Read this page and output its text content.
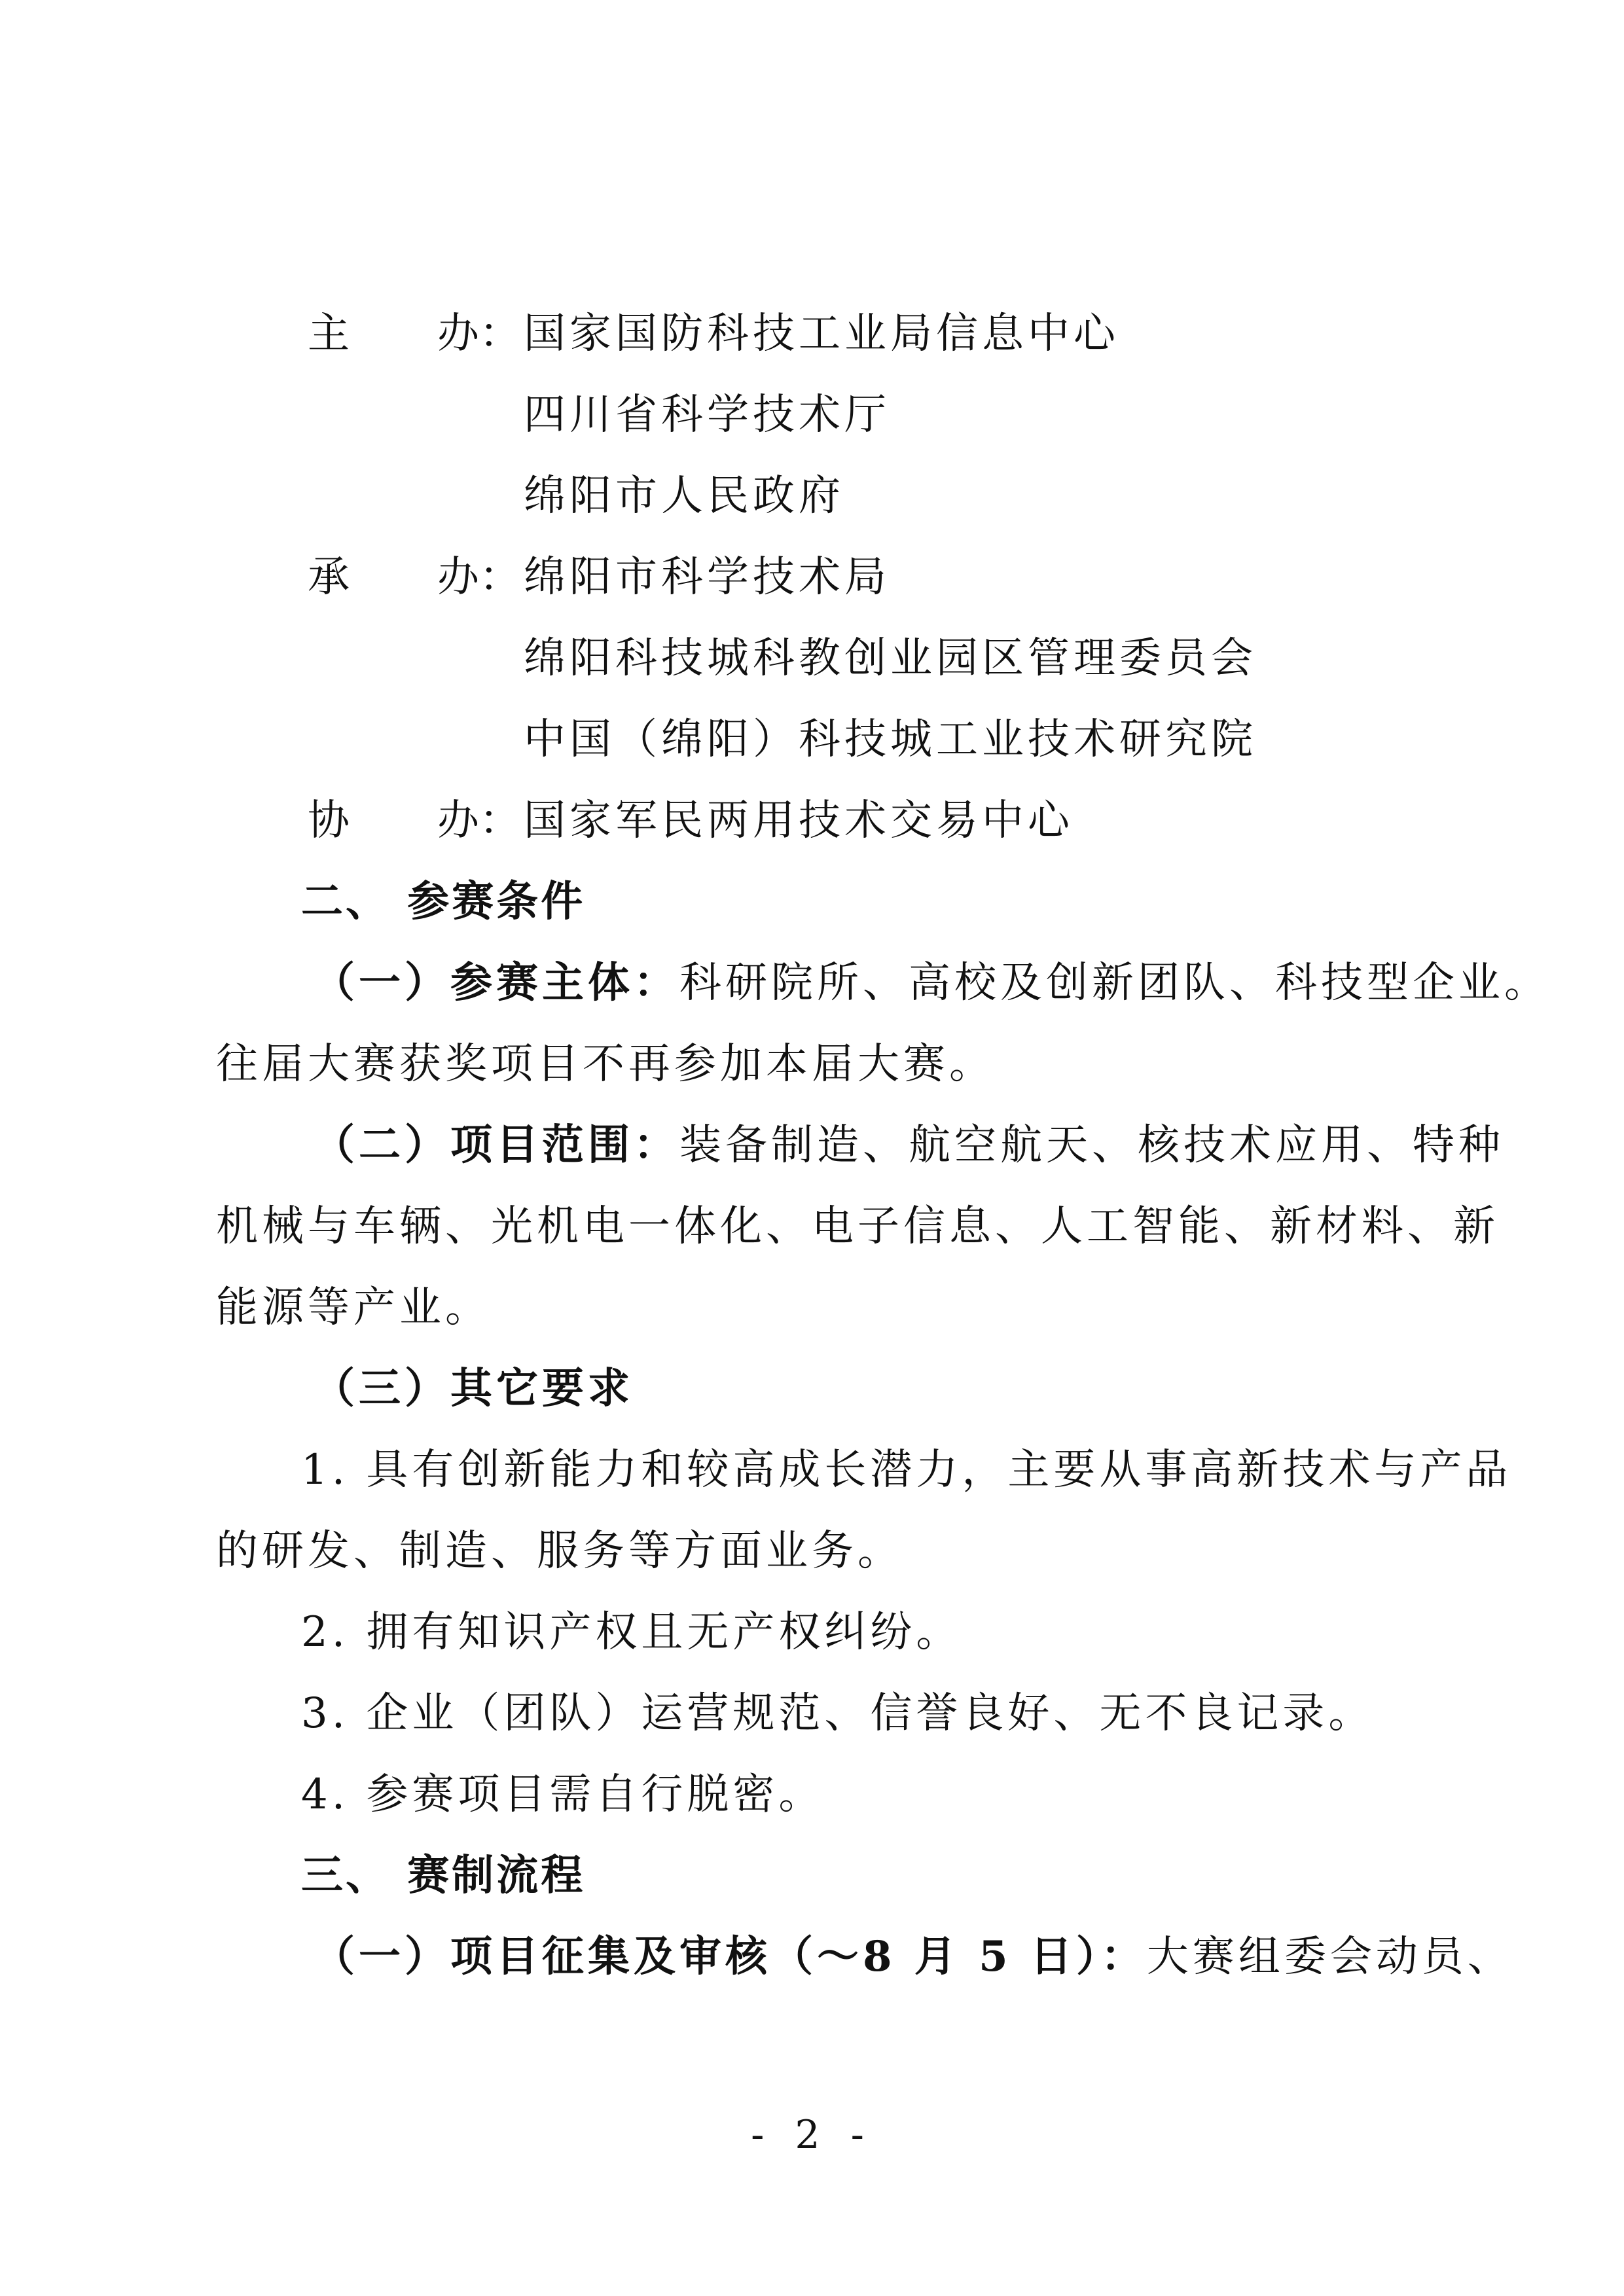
主 办： 国家国防科技工业局信息中心
四川省科学技术厅
绵阳市人民政府
承 办： 绵阳市科学技术局
绵阳科技城科教创业园区管理委员会
中国（绵阳）科技城工业技术研究院
协 办： 国家军民两用技术交易中心
二、 参赛条件
（一）参赛主体：科研院所、高校及创新团队、科技型企业。
往届大赛获奖项目不再参加本届大赛。
（二）项目范围：装备制造、航空航天、核技术应用、特种
机械与车辆、光机电一体化、电子信息、人工智能、新材料、新
能源等产业。
（三）其它要求
1. 具有创新能力和较高成长潜力，主要从事高新技术与产品
的研发、制造、服务等方面业务。
2. 拥有知识产权且无产权纠纷。
3. 企业（团队）运营规范、信誉良好、无不良记录。
4. 参赛项目需自行脱密。
三、 赛制流程
（一）项目征集及审核（～8 月 5 日）：大赛组委会动员、
- 2 -
